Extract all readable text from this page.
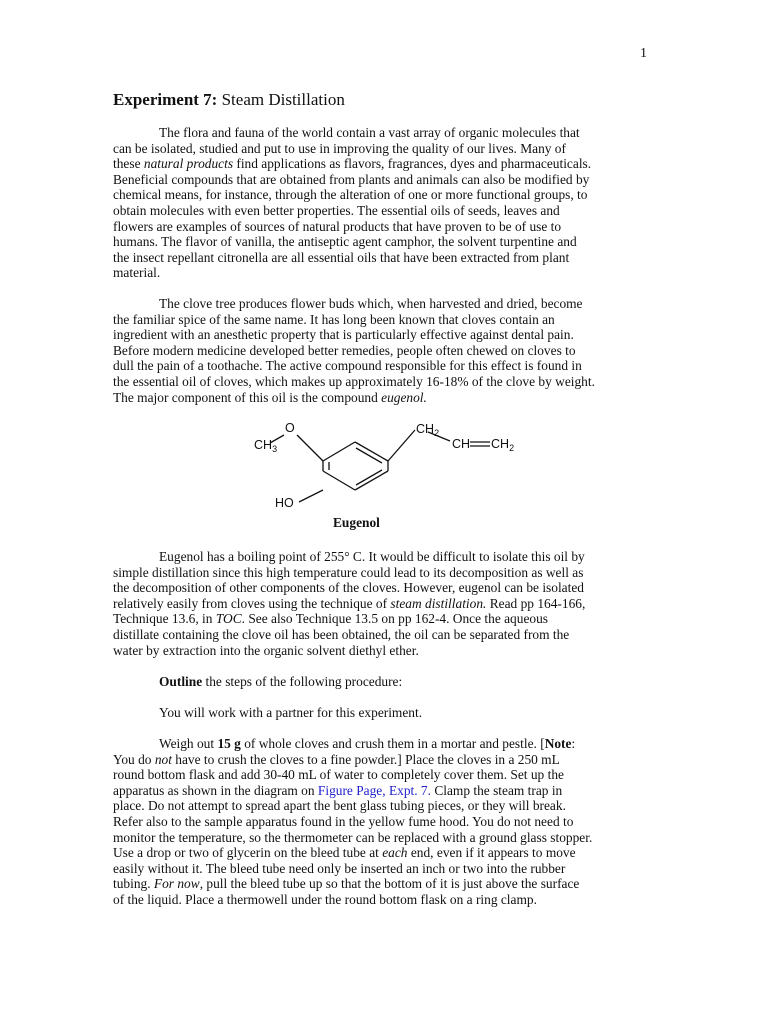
1
Experiment 7: Steam Distillation
The flora and fauna of the world contain a vast array of organic molecules that
can be isolated, studied and put to use in improving the quality of our lives. Many of
these natural products find applications as flavors, fragrances, dyes and pharmaceuticals.
Beneficial compounds that are obtained from plants and animals can also be modified by
chemical means, for instance, through the alteration of one or more functional groups, to
obtain molecules with even better properties. The essential oils of seeds, leaves and
flowers are examples of sources of natural products that have proven to be of use to
humans. The flavor of vanilla, the antiseptic agent camphor, the solvent turpentine and
the insect repellant citronella are all essential oils that have been extracted from plant
material.
The clove tree produces flower buds which, when harvested and dried, become
the familiar spice of the same name. It has long been known that cloves contain an
ingredient with an anesthetic property that is particularly effective against dental pain.
Before modern medicine developed better remedies, people often chewed on cloves to
dull the pain of a toothache. The active compound responsible for this effect is found in
the essential oil of cloves, which makes up approximately 16-18% of the clove by weight.
The major component of this oil is the compound eugenol.
O
$CH_3$
$CH_2$
CH $CH_2$
HO
Eugenol
Eugenol has a boiling point of 255° C. It would be difficult to isolate this oil by
simple distillation since this high temperature could lead to its decomposition as well as
the decomposition of other components of the cloves. However, eugenol can be isolated
relatively easily from cloves using the technique of steam distillation. Read pp 164-166,
Technique 13.6, in TOC. See also Technique 13.5 on pp 162-4. Once the aqueous
distillate containing the clove oil has been obtained, the oil can be separated from the
water by extraction into the organic solvent diethyl ether.
Outline the steps of the following procedure:
You will work with a partner for this experiment.
Weigh out 15 g of whole cloves and crush them in a mortar and pestle. [Note:
You do not have to crush the cloves to a fine powder.] Place the cloves in a 250 mL
round bottom flask and add 30-40 mL of water to completely cover them. Set up the
apparatus as shown in the diagram on Figure Page, Expt. 7. Clamp the steam trap in
place. Do not attempt to spread apart the bent glass tubing pieces, or they will break.
Refer also to the sample apparatus found in the yellow fume hood. You do not need to
monitor the temperature, so the thermometer can be replaced with a ground glass stopper.
Use a drop or two of glycerin on the bleed tube at each end, even if it appears to move
easily without it. The bleed tube need only be inserted an inch or two into the rubber
tubing. For now, pull the bleed tube up so that the bottom of it is just above the surface
of the liquid. Place a thermowell under the round bottom flask on a ring clamp.
